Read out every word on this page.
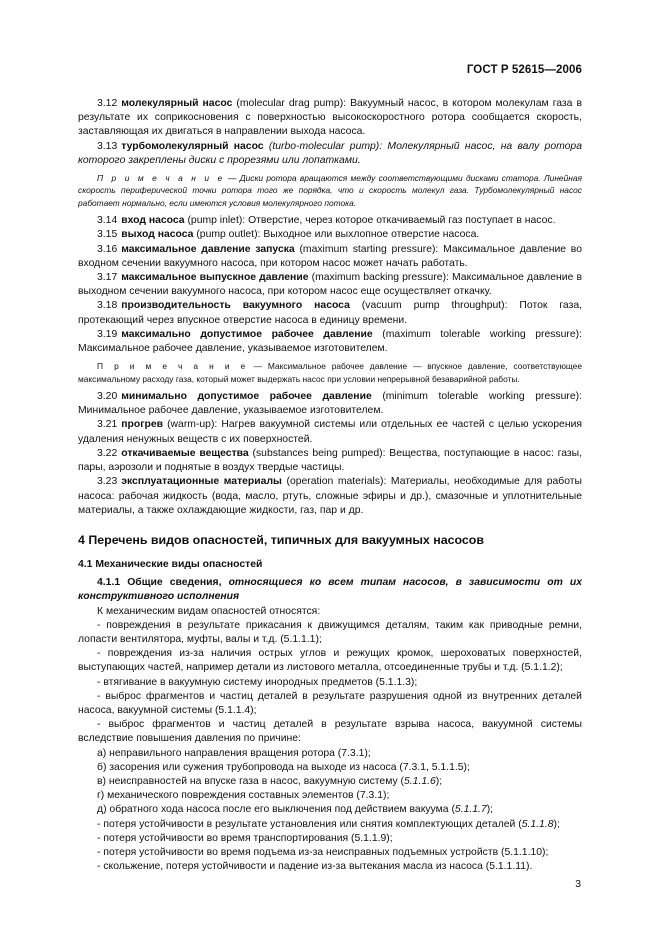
ГОСТ Р 52615—2006

3.12 молекулярный насос (molecular drag pump): Вакуумный насос, в котором молекулам газа в результате их соприкосновения с поверхностью высокоскоростного ротора сообщается скорость, заставляющая их двигаться в направлении выхода насоса.

3.13 турбомолекулярный насос (turbo-molecular pump): Молекулярный насос, на валу ротора которого закреплены диски с прорезями или лопатками.

П р и м е ч а н и е — Диски ротора вращаются между соответствующими дисками статора. Линейная скорость периферической точки ротора того же порядка, что и скорость молекул газа. Турбомолекулярный насос работает нормально, если имеются условия молекулярного потока.

3.14 вход насоса (pump inlet): Отверстие, через которое откачиваемый газ поступает в насос.

3.15 выход насоса (pump outlet): Выходное или выхлопное отверстие насоса.

3.16 максимальное давление запуска (maximum starting pressure): Максимальное давление во входном сечении вакуумного насоса, при котором насос может начать работать.

3.17 максимальное выпускное давление (maximum backing pressure): Максимальное давление в выходном сечении вакуумного насоса, при котором насос еще осуществляет откачку.

3.18 производительность вакуумного насоса (vacuum pump throughput): Поток газа, протекающий через впускное отверстие насоса в единицу времени.

3.19 максимально допустимое рабочее давление (maximum tolerable working pressure): Максимальное рабочее давление, указываемое изготовителем.

П р и м е ч а н и е — Максимальное рабочее давление — впускное давление, соответствующее максимальному расходу газа, который может выдержать насос при условии непрерывной безаварийной работы.

3.20 минимально допустимое рабочее давление (minimum tolerable working pressure): Минимальное рабочее давление, указываемое изготовителем.

3.21 прогрев (warm-up): Нагрев вакуумной системы или отдельных ее частей с целью ускорения удаления ненужных веществ с их поверхностей.

3.22 откачиваемые вещества (substances being pumped): Вещества, поступающие в насос: газы, пары, аэрозоли и поднятые в воздух твердые частицы.

3.23 эксплуатационные материалы (operation materials): Материалы, необходимые для работы насоса: рабочая жидкость (вода, масло, ртуть, сложные эфиры и др.), смазочные и уплотнительные материалы, а также охлаждающие жидкости, газ, пар и др.

4 Перечень видов опасностей, типичных для вакуумных насосов

4.1 Механические виды опасностей

4.1.1 Общие сведения, относящиеся ко всем типам насосов, в зависимости от их конструктивного исполнения

К механическим видам опасностей относятся:

- повреждения в результате прикасания к движущимся деталям, таким как приводные ремни, лопасти вентилятора, муфты, валы и т.д. (5.1.1.1);

- повреждения из-за наличия острых углов и режущих кромок, шероховатых поверхностей, выступающих частей, например детали из листового металла, отсоединенные трубы и т.д. (5.1.1.2);

- втягивание в вакуумную систему инородных предметов (5.1.1.3);

- выброс фрагментов и частиц деталей в результате разрушения одной из внутренних деталей насоса, вакуумной системы (5.1.1.4);

- выброс фрагментов и частиц деталей в результате взрыва насоса, вакуумной системы вследствие повышения давления по причине:

а) неправильного направления вращения ротора (7.3.1);

б) засорения или сужения трубопровода на выходе из насоса (7.3.1, 5.1.1.5);

в) неисправностей на впуске газа в насос, вакуумную систему (5.1.1.6);

г) механического повреждения составных элементов (7.3.1);

д) обратного хода насоса после его выключения под действием вакуума (5.1.1.7);

- потеря устойчивости в результате установления или снятия комплектующих деталей (5.1.1.8);

- потеря устойчивости во время транспортирования (5.1.1.9);

- потеря устойчивости во время подъема из-за неисправных подъемных устройств (5.1.1.10);

- скольжение, потеря устойчивости и падение из-за вытекания масла из насоса (5.1.1.11).

3
